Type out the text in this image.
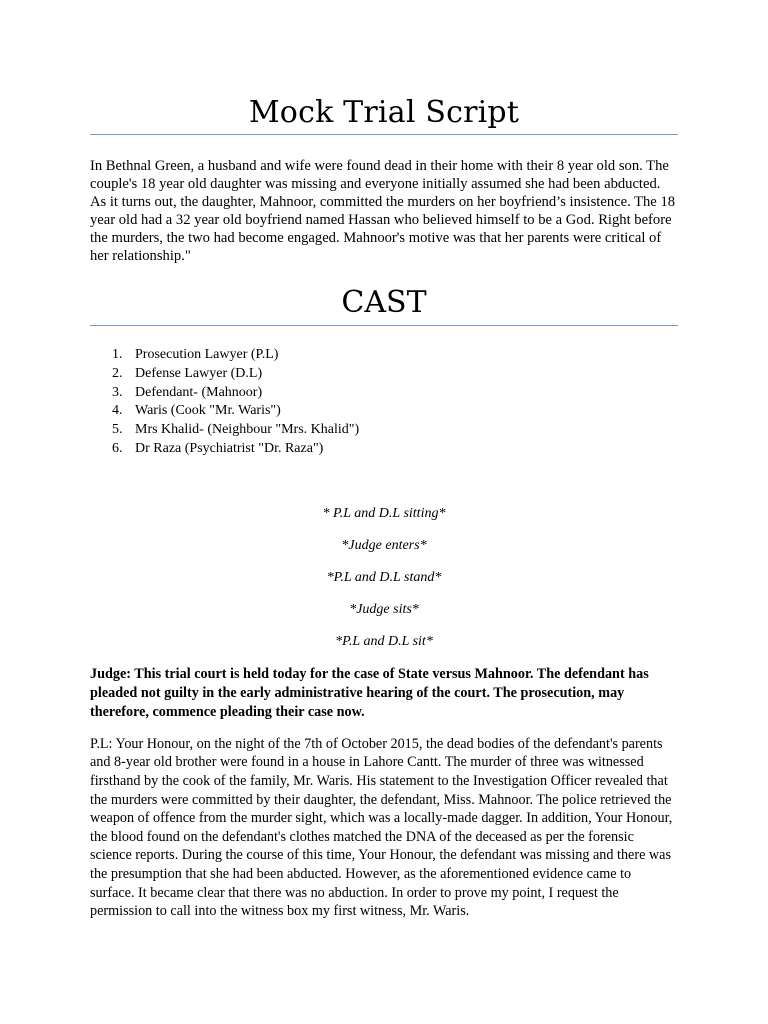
Mock Trial Script

In Bethnal Green, a husband and wife were found dead in their home with their 8 year old son. The couple's 18 year old daughter was missing and everyone initially assumed she had been abducted. As it turns out, the daughter, Mahnoor, committed the murders on her boyfriend’s insistence. The 18 year old had a 32 year old boyfriend named Hassan who believed himself to be a God. Right before the murders, the two had become engaged. Mahnoor's motive was that her parents were critical of her relationship."

CAST
1. Prosecution Lawyer (P.L)
2. Defense Lawyer (D.L)
3. Defendant- (Mahnoor)
4. Waris (Cook "Mr. Waris")
5. Mrs Khalid- (Neighbour "Mrs. Khalid")
6. Dr Raza (Psychiatrist "Dr. Raza")

* P.L and D.L sitting*

*Judge enters*

*P.L and D.L stand*

*Judge sits*

*P.L and D.L sit*

Judge: This trial court is held today for the case of State versus Mahnoor. The defendant has pleaded not guilty in the early administrative hearing of the court. The prosecution, may therefore, commence pleading their case now.

P.L: Your Honour, on the night of the 7th of October 2015, the dead bodies of the defendant's parents and 8-year old brother were found in a house in Lahore Cantt. The murder of three was witnessed firsthand by the cook of the family, Mr. Waris. His statement to the Investigation Officer revealed that the murders were committed by their daughter, the defendant, Miss. Mahnoor. The police retrieved the weapon of offence from the murder sight, which was a locally-made dagger. In addition, Your Honour, the blood found on the defendant's clothes matched the DNA of the deceased as per the forensic science reports. During the course of this time, Your Honour, the defendant was missing and there was the presumption that she had been abducted. However, as the aforementioned evidence came to surface. It became clear that there was no abduction. In order to prove my point, I request the permission to call into the witness box my first witness, Mr. Waris.
